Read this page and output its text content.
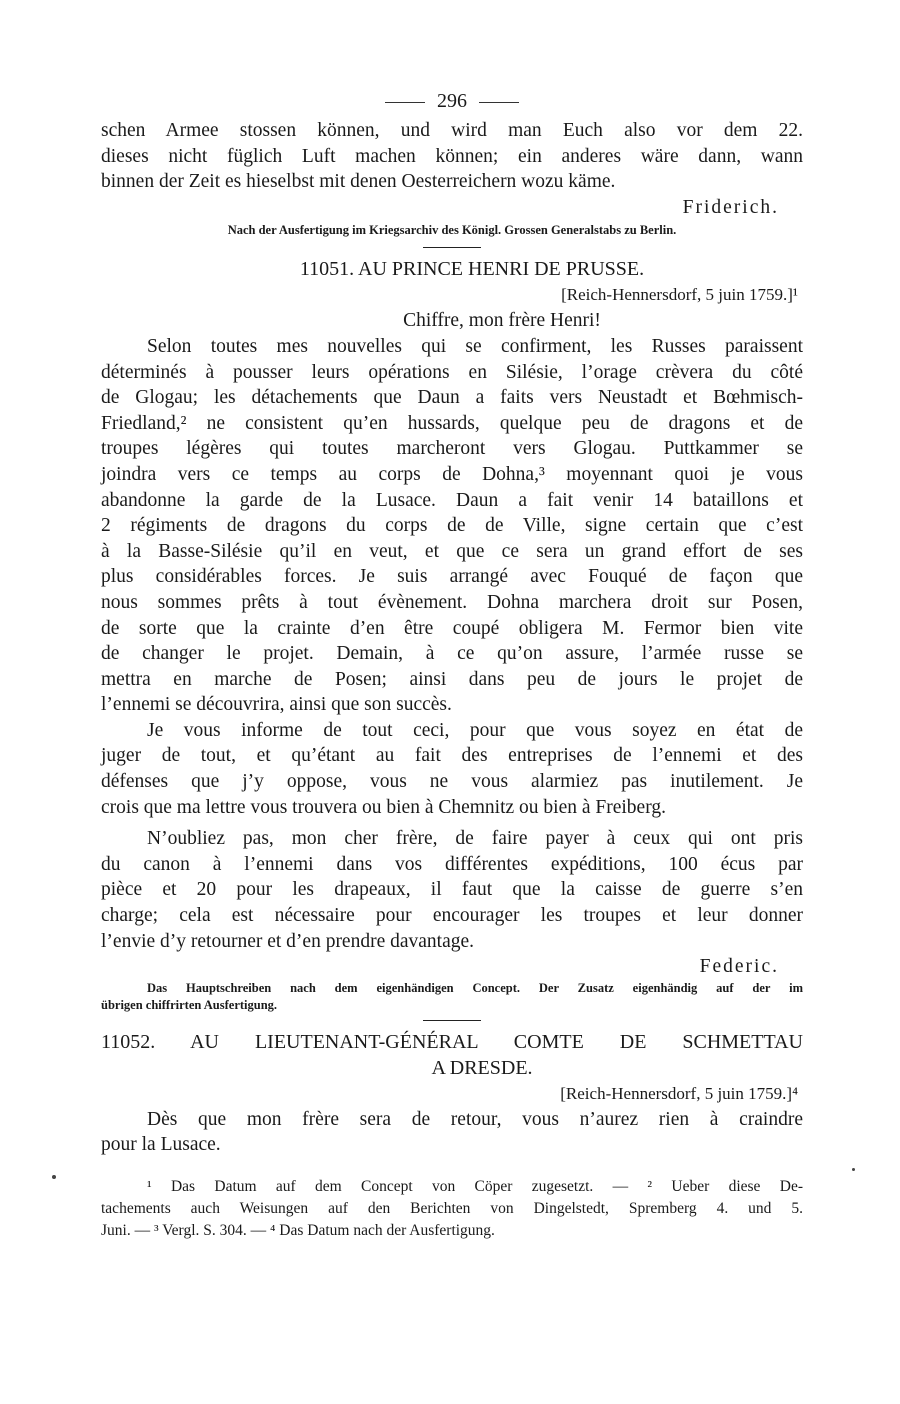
296
schen Armee stossen können, und wird man Euch also vor dem 22.
dieses nicht füglich Luft machen können; ein anderes wäre dann, wann
binnen der Zeit es hieselbst mit denen Oesterreichern wozu käme.
Friderich.
Nach der Ausfertigung im Kriegsarchiv des Königl. Grossen Generalstabs zu Berlin.
11051. AU PRINCE HENRI DE PRUSSE.
[Reich-Hennersdorf, 5 juin 1759.]¹
Chiffre, mon frère Henri!
Selon toutes mes nouvelles qui se confirment, les Russes paraissent
déterminés à pousser leurs opérations en Silésie, l’orage crèvera du côté
de Glogau; les détachements que Daun a faits vers Neustadt et Bœhmisch-
Friedland,² ne consistent qu’en hussards, quelque peu de dragons et de
troupes légères qui toutes marcheront vers Glogau. Puttkammer se
joindra vers ce temps au corps de Dohna,³ moyennant quoi je vous
abandonne la garde de la Lusace. Daun a fait venir 14 bataillons et
2 régiments de dragons du corps de de Ville, signe certain que c’est
à la Basse-Silésie qu’il en veut, et que ce sera un grand effort de ses
plus considérables forces. Je suis arrangé avec Fouqué de façon que
nous sommes prêts à tout évènement. Dohna marchera droit sur Posen,
de sorte que la crainte d’en être coupé obligera M. Fermor bien vite
de changer le projet. Demain, à ce qu’on assure, l’armée russe se
mettra en marche de Posen; ainsi dans peu de jours le projet de
l’ennemi se découvrira, ainsi que son succès.
Je vous informe de tout ceci, pour que vous soyez en état de
juger de tout, et qu’étant au fait des entreprises de l’ennemi et des
défenses que j’y oppose, vous ne vous alarmiez pas inutilement. Je
crois que ma lettre vous trouvera ou bien à Chemnitz ou bien à Freiberg.
N’oubliez pas, mon cher frère, de faire payer à ceux qui ont pris
du canon à l’ennemi dans vos différentes expéditions, 100 écus par
pièce et 20 pour les drapeaux, il faut que la caisse de guerre s’en
charge; cela est nécessaire pour encourager les troupes et leur donner
l’envie d’y retourner et d’en prendre davantage.
Federic.
Das Hauptschreiben nach dem eigenhändigen Concept. Der Zusatz eigenhändig auf der im
übrigen chiffrirten Ausfertigung.
11052. AU LIEUTENANT-GÉNÉRAL COMTE DE SCHMETTAU
A DRESDE.
[Reich-Hennersdorf, 5 juin 1759.]⁴
Dès que mon frère sera de retour, vous n’aurez rien à craindre
pour la Lusace.
¹ Das Datum auf dem Concept von Cöper zugesetzt. — ² Ueber diese De-
tachements auch Weisungen auf den Berichten von Dingelstedt, Spremberg 4. und 5.
Juni. — ³ Vergl. S. 304. — ⁴ Das Datum nach der Ausfertigung.
